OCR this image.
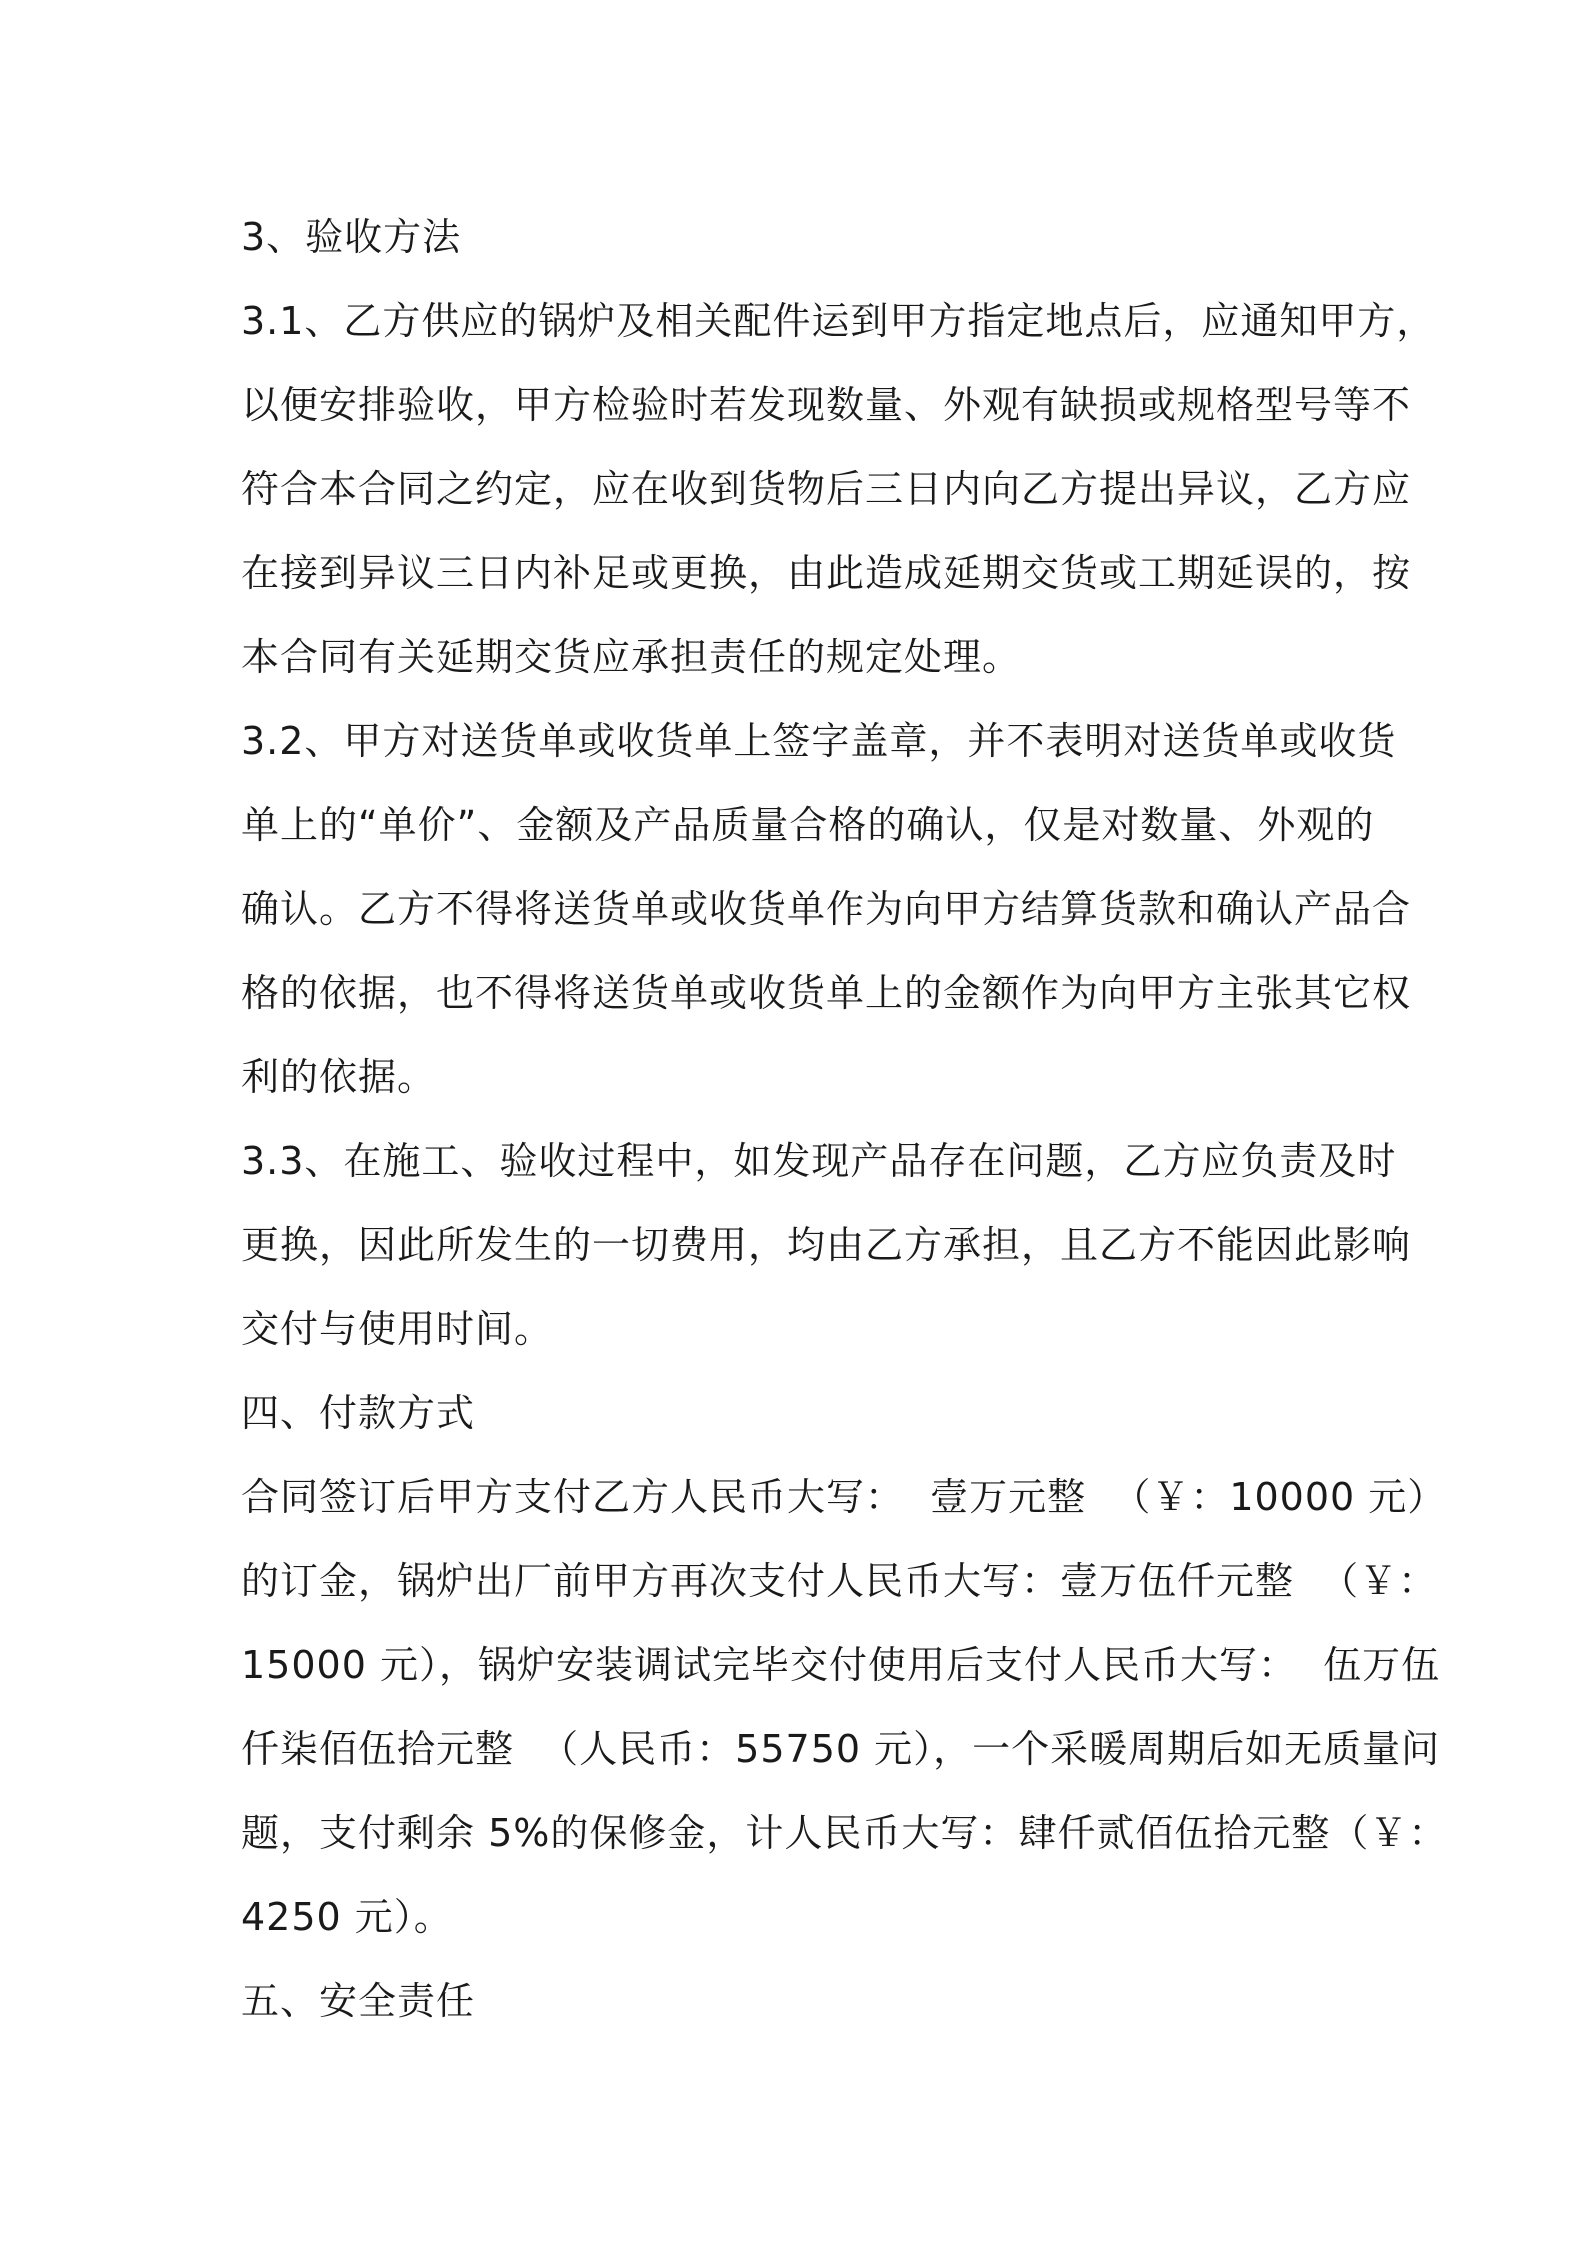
3、验收方法
3.1、乙方供应的锅炉及相关配件运到甲方指定地点后，应通知甲方，
以便安排验收，甲方检验时若发现数量、外观有缺损或规格型号等不
符合本合同之约定，应在收到货物后三日内向乙方提出异议，乙方应
在接到异议三日内补足或更换，由此造成延期交货或工期延误的，按
本合同有关延期交货应承担责任的规定处理。
3.2、甲方对送货单或收货单上签字盖章，并不表明对送货单或收货
单上的“单价”、金额及产品质量合格的确认，仅是对数量、外观的
确认。乙方不得将送货单或收货单作为向甲方结算货款和确认产品合
格的依据，也不得将送货单或收货单上的金额作为向甲方主张其它权
利的依据。
3.3、在施工、验收过程中，如发现产品存在问题，乙方应负责及时
更换，因此所发生的一切费用，均由乙方承担，且乙方不能因此影响
交付与使用时间。
四、付款方式
合同签订后甲方支付乙方人民币大写：  壹万元整  （￥：10000 元）
的订金，锅炉出厂前甲方再次支付人民币大写：壹万伍仟元整  （￥：
15000 元），锅炉安装调试完毕交付使用后支付人民币大写：  伍万伍
仟柒佰伍拾元整  （人民币：55750 元），一个采暖周期后如无质量问
题，支付剩余 5%的保修金，计人民币大写：肆仟贰佰伍拾元整（￥：
4250 元）。
五、安全责任
